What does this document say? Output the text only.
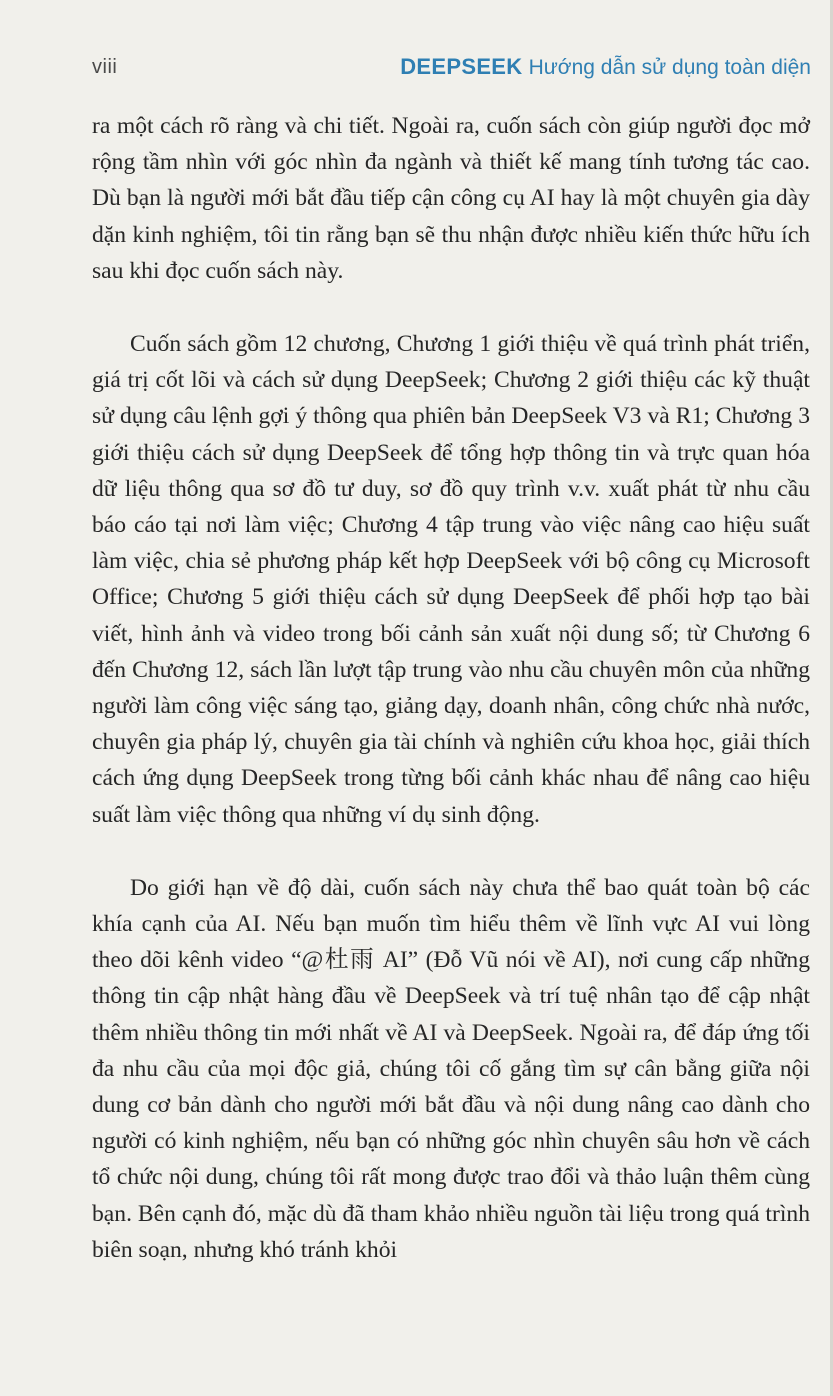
viii	DEEPSEEK Hướng dẫn sử dụng toàn diện

ra một cách rõ ràng và chi tiết. Ngoài ra, cuốn sách còn giúp người đọc mở rộng tầm nhìn với góc nhìn đa ngành và thiết kế mang tính tương tác cao. Dù bạn là người mới bắt đầu tiếp cận công cụ AI hay là một chuyên gia dày dặn kinh nghiệm, tôi tin rằng bạn sẽ thu nhận được nhiều kiến thức hữu ích sau khi đọc cuốn sách này.

Cuốn sách gồm 12 chương, Chương 1 giới thiệu về quá trình phát triển, giá trị cốt lõi và cách sử dụng DeepSeek; Chương 2 giới thiệu các kỹ thuật sử dụng câu lệnh gợi ý thông qua phiên bản DeepSeek V3 và R1; Chương 3 giới thiệu cách sử dụng DeepSeek để tổng hợp thông tin và trực quan hóa dữ liệu thông qua sơ đồ tư duy, sơ đồ quy trình v.v. xuất phát từ nhu cầu báo cáo tại nơi làm việc; Chương 4 tập trung vào việc nâng cao hiệu suất làm việc, chia sẻ phương pháp kết hợp DeepSeek với bộ công cụ Microsoft Office; Chương 5 giới thiệu cách sử dụng DeepSeek để phối hợp tạo bài viết, hình ảnh và video trong bối cảnh sản xuất nội dung số; từ Chương 6 đến Chương 12, sách lần lượt tập trung vào nhu cầu chuyên môn của những người làm công việc sáng tạo, giảng dạy, doanh nhân, công chức nhà nước, chuyên gia pháp lý, chuyên gia tài chính và nghiên cứu khoa học, giải thích cách ứng dụng DeepSeek trong từng bối cảnh khác nhau để nâng cao hiệu suất làm việc thông qua những ví dụ sinh động.

Do giới hạn về độ dài, cuốn sách này chưa thể bao quát toàn bộ các khía cạnh của AI. Nếu bạn muốn tìm hiểu thêm về lĩnh vực AI vui lòng theo dõi kênh video “@杜雨 AI” (Đỗ Vũ nói về AI), nơi cung cấp những thông tin cập nhật hàng đầu về DeepSeek và trí tuệ nhân tạo để cập nhật thêm nhiều thông tin mới nhất về AI và DeepSeek. Ngoài ra, để đáp ứng tối đa nhu cầu của mọi độc giả, chúng tôi cố gắng tìm sự cân bằng giữa nội dung cơ bản dành cho người mới bắt đầu và nội dung nâng cao dành cho người có kinh nghiệm, nếu bạn có những góc nhìn chuyên sâu hơn về cách tổ chức nội dung, chúng tôi rất mong được trao đổi và thảo luận thêm cùng bạn. Bên cạnh đó, mặc dù đã tham khảo nhiều nguồn tài liệu trong quá trình biên soạn, nhưng khó tránh khỏi
